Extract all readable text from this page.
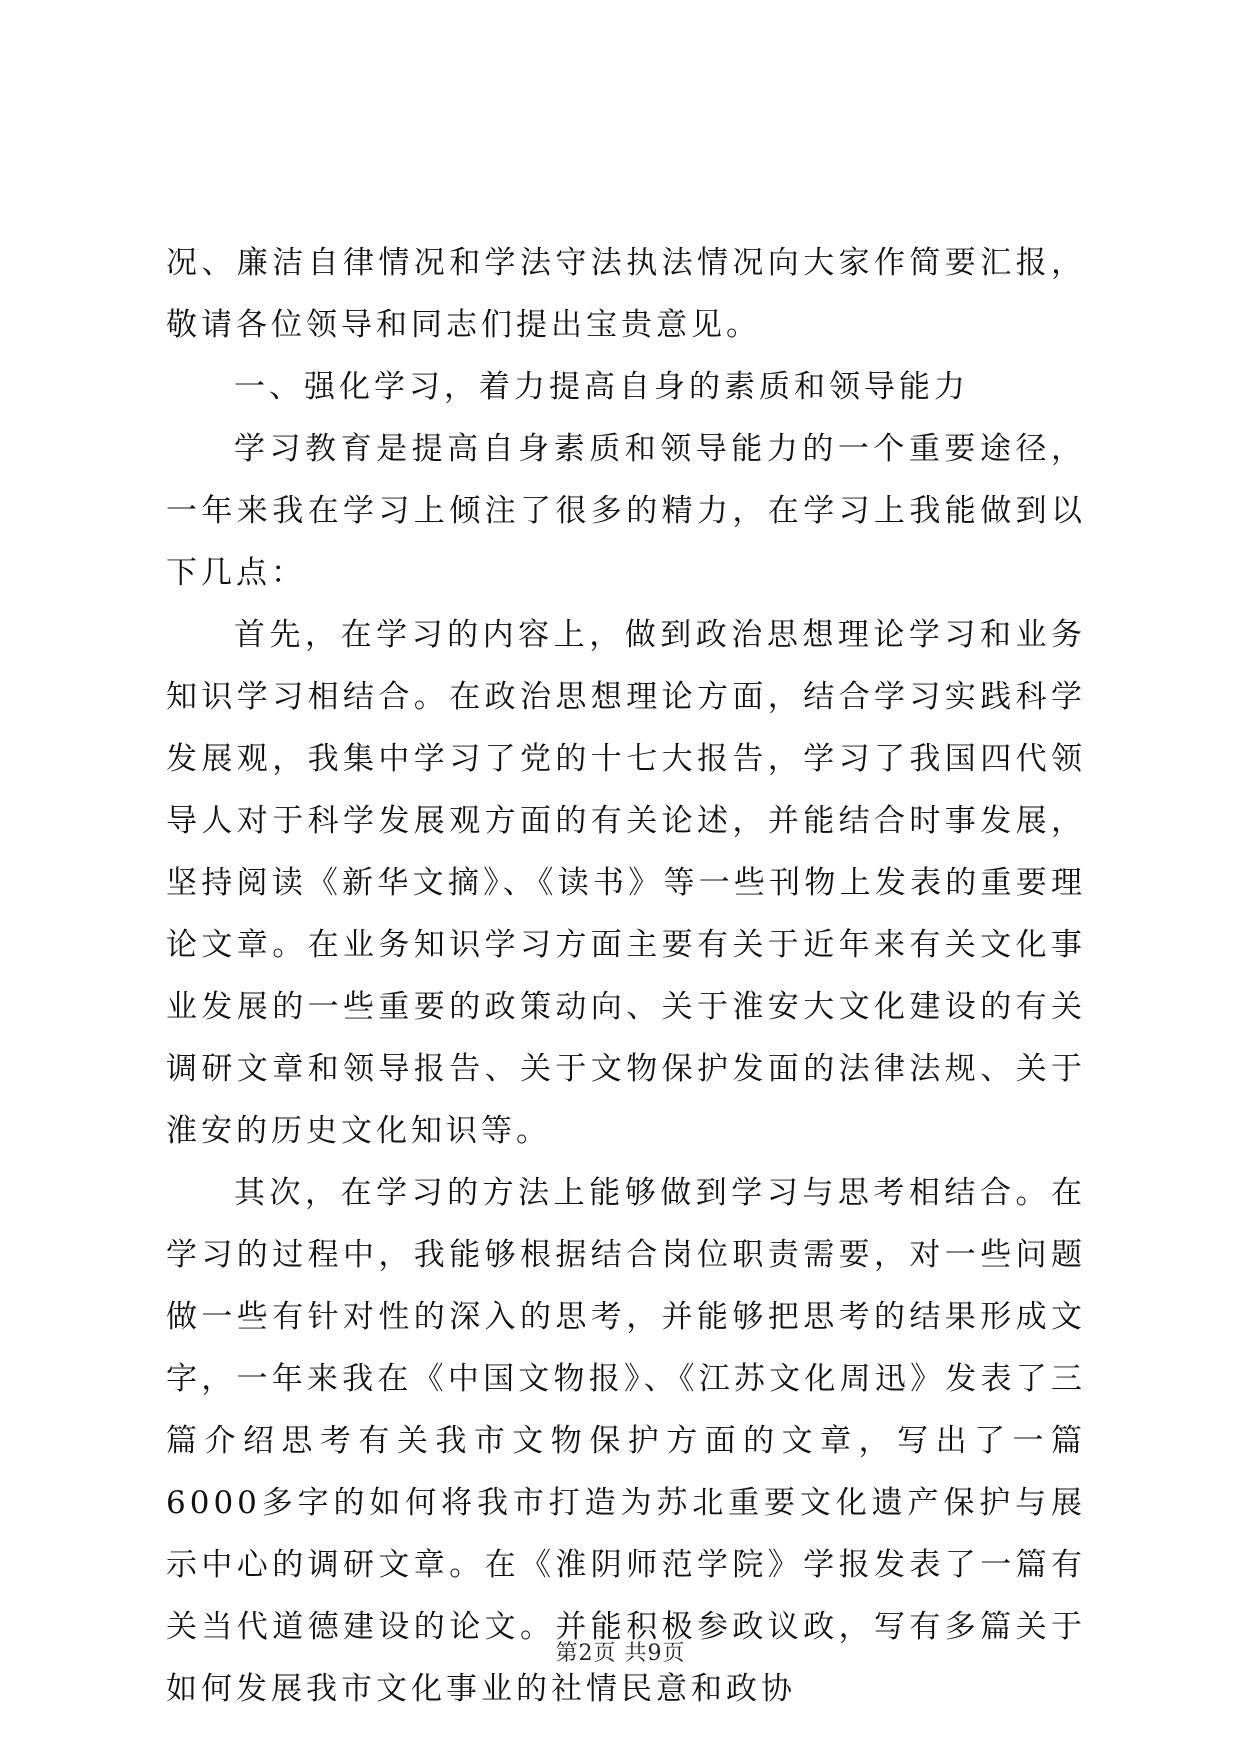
况、廉洁自律情况和学法守法执法情况向大家作简要汇报，敬请各位领导和同志们提出宝贵意见。

一、强化学习，着力提高自身的素质和领导能力

学习教育是提高自身素质和领导能力的一个重要途径，一年来我在学习上倾注了很多的精力，在学习上我能做到以下几点：

首先，在学习的内容上，做到政治思想理论学习和业务知识学习相结合。在政治思想理论方面，结合学习实践科学发展观，我集中学习了党的十七大报告，学习了我国四代领导人对于科学发展观方面的有关论述，并能结合时事发展，坚持阅读《新华文摘》、《读书》等一些刊物上发表的重要理论文章。在业务知识学习方面主要有关于近年来有关文化事业发展的一些重要的政策动向、关于淮安大文化建设的有关调研文章和领导报告、关于文物保护发面的法律法规、关于淮安的历史文化知识等。

其次，在学习的方法上能够做到学习与思考相结合。在学习的过程中，我能够根据结合岗位职责需要，对一些问题做一些有针对性的深入的思考，并能够把思考的结果形成文字，一年来我在《中国文物报》、《江苏文化周迅》发表了三篇介绍思考有关我市文物保护方面的文章，写出了一篇6000多字的如何将我市打造为苏北重要文化遗产保护与展示中心的调研文章。在《淮阴师范学院》学报发表了一篇有关当代道德建设的论文。并能积极参政议政，写有多篇关于如何发展我市文化事业的社情民意和政协

第2页 共9页
